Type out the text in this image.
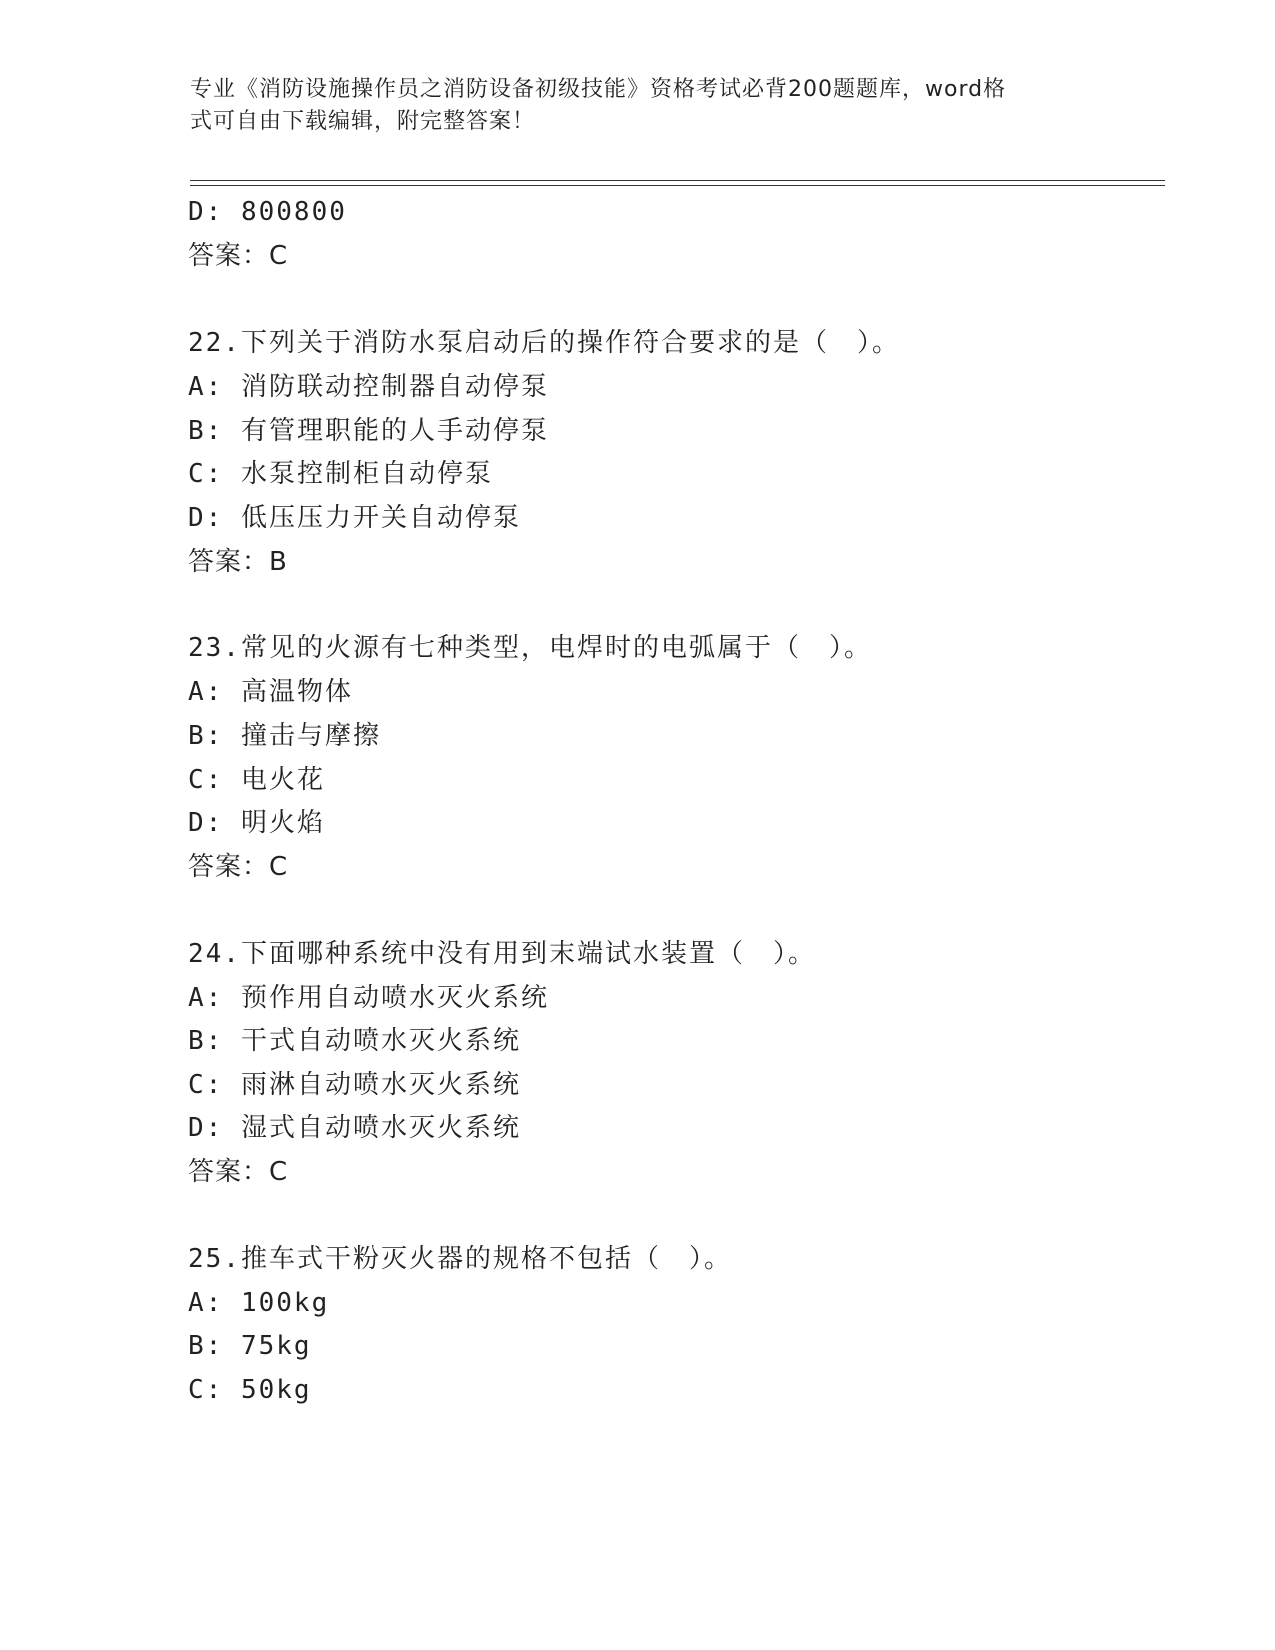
专业《消防设施操作员之消防设备初级技能》资格考试必背200题题库，word格
式可自由下载编辑，附完整答案！
D: 800800
答案：C
22.下列关于消防水泵启动后的操作符合要求的是（　）。
A: 消防联动控制器自动停泵
B: 有管理职能的人手动停泵
C: 水泵控制柜自动停泵
D: 低压压力开关自动停泵
答案：B
23.常见的火源有七种类型，电焊时的电弧属于（　）。
A: 高温物体
B: 撞击与摩擦
C: 电火花
D: 明火焰
答案：C
24.下面哪种系统中没有用到末端试水装置（　）。
A: 预作用自动喷水灭火系统
B: 干式自动喷水灭火系统
C: 雨淋自动喷水灭火系统
D: 湿式自动喷水灭火系统
答案：C
25.推车式干粉灭火器的规格不包括（　）。
A: 100kg
B: 75kg
C: 50kg
